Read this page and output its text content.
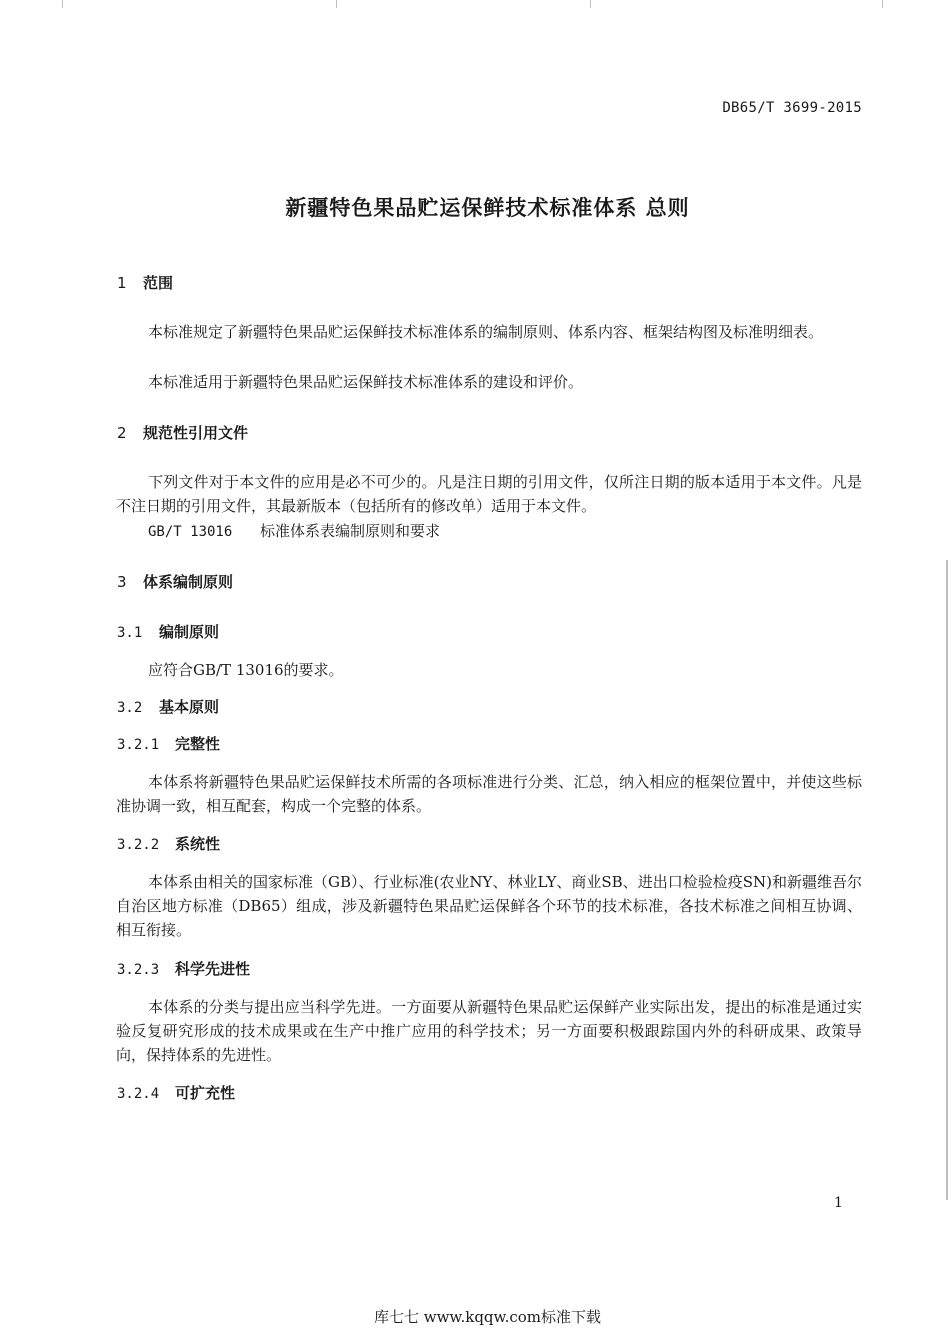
DB65/T 3699-2015
新疆特色果品贮运保鲜技术标准体系 总则
1 范围
本标准规定了新疆特色果品贮运保鲜技术标准体系的编制原则、体系内容、框架结构图及标准明细表。
本标准适用于新疆特色果品贮运保鲜技术标准体系的建设和评价。
2 规范性引用文件
下列文件对于本文件的应用是必不可少的。凡是注日期的引用文件，仅所注日期的版本适用于本文件。凡是不注日期的引用文件，其最新版本（包括所有的修改单）适用于本文件。
GB/T 13016 标准体系表编制原则和要求
3 体系编制原则
3.1 编制原则
应符合GB/T 13016的要求。
3.2 基本原则
3.2.1 完整性
本体系将新疆特色果品贮运保鲜技术所需的各项标准进行分类、汇总，纳入相应的框架位置中，并使这些标准协调一致，相互配套，构成一个完整的体系。
3.2.2 系统性
本体系由相关的国家标准（GB）、行业标准(农业NY、林业LY、商业SB、进出口检验检疫SN)和新疆维吾尔自治区地方标准（DB65）组成，涉及新疆特色果品贮运保鲜各个环节的技术标准，各技术标准之间相互协调、相互衔接。
3.2.3 科学先进性
本体系的分类与提出应当科学先进。一方面要从新疆特色果品贮运保鲜产业实际出发，提出的标准是通过实验反复研究形成的技术成果或在生产中推广应用的科学技术；另一方面要积极跟踪国内外的科研成果、政策导向，保持体系的先进性。
3.2.4 可扩充性
1
库七七 www.kqqw.com标准下载
